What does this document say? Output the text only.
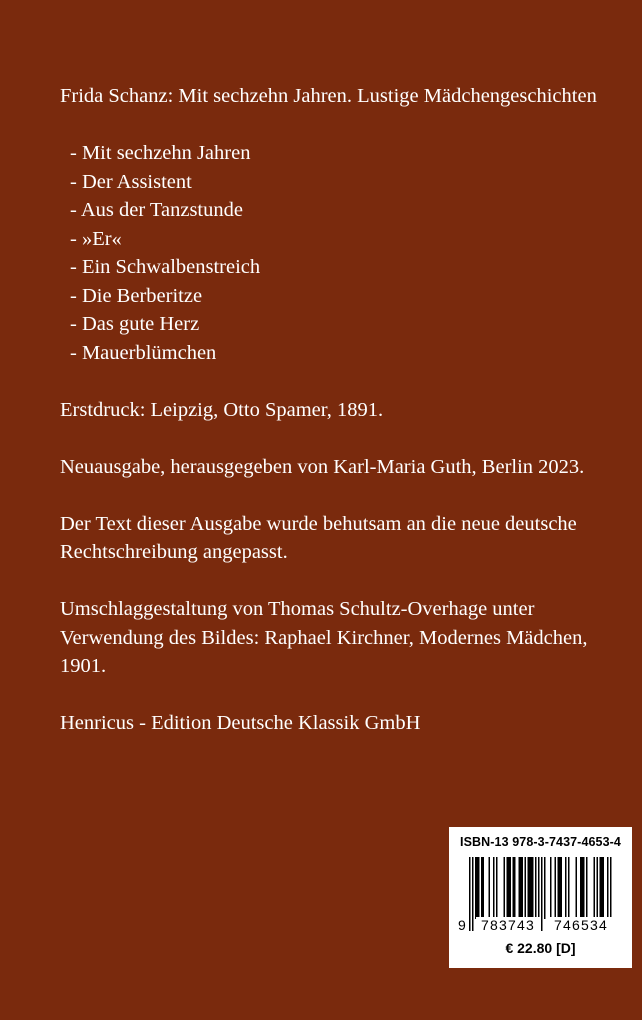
Frida Schanz: Mit sechzehn Jahren. Lustige Mädchengeschichten

- Mit sechzehn Jahren
- Der Assistent
- Aus der Tanzstunde
- »Er«
- Ein Schwalbenstreich
- Die Berberitze
- Das gute Herz
- Mauerblümchen

Erstdruck: Leipzig, Otto Spamer, 1891.

Neuausgabe, herausgegeben von Karl-Maria Guth, Berlin 2023.

Der Text dieser Ausgabe wurde behutsam an die neue deutsche Rechtschreibung angepasst.

Umschlaggestaltung von Thomas Schultz-Overhage unter Verwendung des Bildes: Raphael Kirchner, Modernes Mädchen, 1901.

Henricus - Edition Deutsche Klassik GmbH

ISBN-13 978-3-7437-4653-4
9	783743	746534
€ 22.80 [D]
